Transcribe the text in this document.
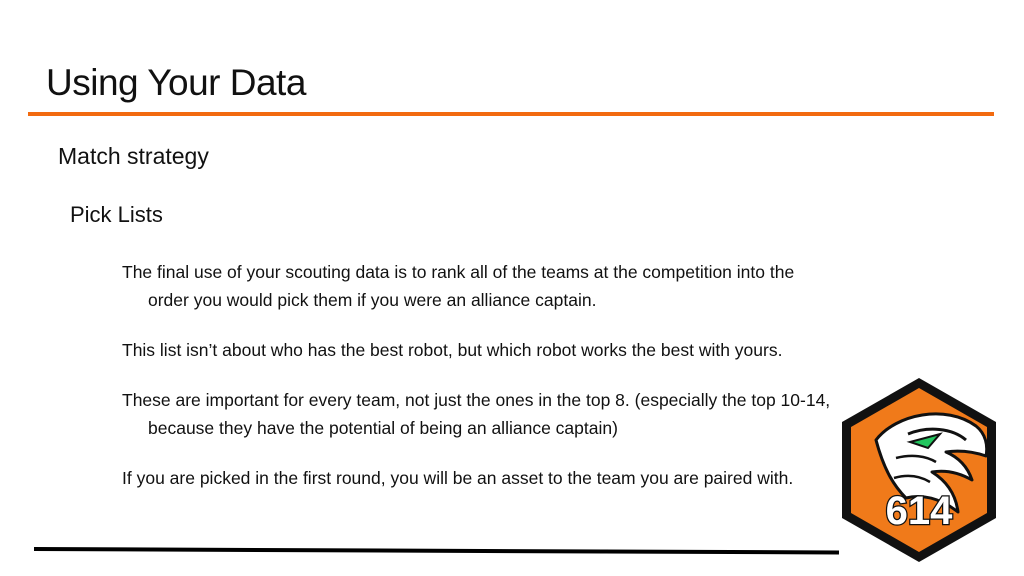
Using Your Data
Match strategy
Pick Lists
The final use of your scouting data is to rank all of the teams at the competition into the order you would pick them if you were an alliance captain.
This list isn’t about who has the best robot, but which robot works the best with yours.
These are important for every team, not just the ones in the top 8. (especially the top 10-14, because they have the potential of being an alliance captain)
If you are picked in the first round, you will be an asset to the team you are paired with.
614
